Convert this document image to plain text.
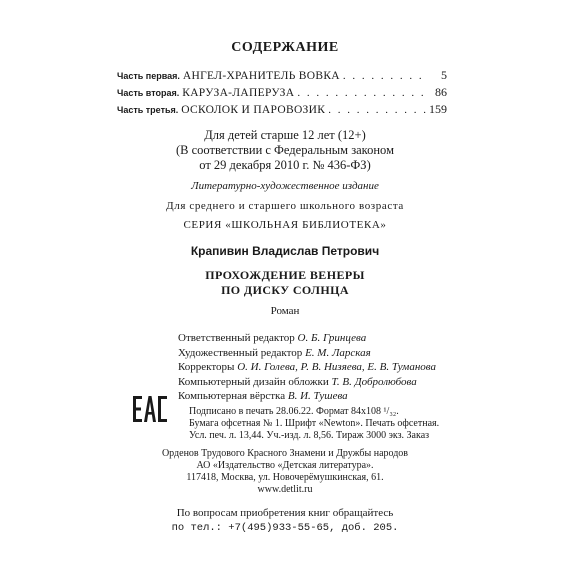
СОДЕРЖАНИЕ
Часть первая. АНГЕЛ-ХРАНИТЕЛЬ ВОВКА . . .	5
Часть вторая. КАРУЗА-ЛАПЕРУЗА . . .	86
Часть третья. ОСКОЛОК И ПАРОВОЗИК . . .	159
Для детей старше 12 лет (12+)
(В соответствии с Федеральным законом
от 29 декабря 2010 г. № 436-ФЗ)
Литературно-художественное издание
Для среднего и старшего школьного возраста
СЕРИЯ «ШКОЛЬНАЯ БИБЛИОТЕКА»
Крапивин Владислав Петрович
ПРОХОЖДЕНИЕ ВЕНЕРЫ
ПО ДИСКУ СОЛНЦА
Роман
Ответственный редактор О. Б. Гринцева
Художественный редактор Е. М. Ларская
Корректоры О. И. Голева, Р. В. Низяева, Е. В. Туманова
Компьютерный дизайн обложки Т. В. Добролюбова
Компьютерная вёрстка В. И. Тушева
Подписано в печать 28.06.22. Формат 84x108 ¹/₃₂.
Бумага офсетная № 1. Шрифт «Newton». Печать офсетная.
Усл. печ. л. 13,44. Уч.-изд. л. 8,56. Тираж 3000 экз. Заказ
Орденов Трудового Красного Знамени и Дружбы народов
АО «Издательство «Детская литература».
117418, Москва, ул. Новочерёмушкинская, 61.
www.detlit.ru
По вопросам приобретения книг обращайтесь
по тел.: +7(495)933-55-65, доб. 205.
